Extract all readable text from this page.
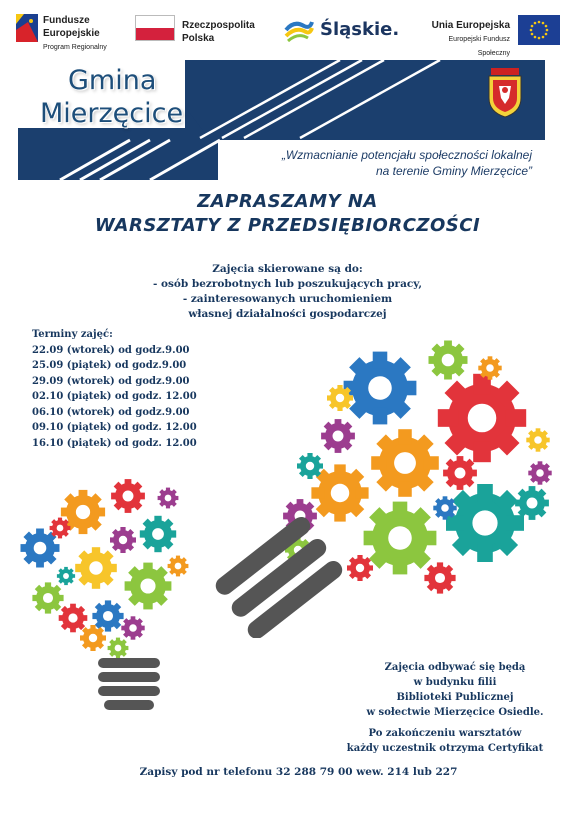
Fundusze
Europejskie
Program Regionalny
Rzeczpospolita
Polska	Śląskie.	Unia Europejska
Europejski Fundusz Społeczny
Gmina
Mierzęcice
„Wzmacnianie potencjału społeczności lokalnej
na terenie Gminy Mierzęcice”
ZAPRASZAMY NA
WARSZTATY Z PRZEDSIĘBIORCZOŚCI
Zajęcia skierowane są do:
- osób bezrobotnych lub poszukujących pracy,
- zainteresowanych uruchomieniem
własnej działalności gospodarczej
Terminy zajęć:
22.09 (wtorek) od godz.9.00
25.09 (piątek) od godz.9.00
29.09 (wtorek) od godz.9.00
02.10 (piątek) od godz. 12.00
06.10 (wtorek) od godz.9.00
09.10 (piątek) od godz. 12.00
16.10 (piątek) od godz. 12.00
Zajęcia odbywać się będą
w budynku filii
Biblioteki Publicznej
w sołectwie Mierzęcice Osiedle.
Po zakończeniu warsztatów
każdy uczestnik otrzyma Certyfikat
Zapisy pod nr telefonu 32 288 79 00 wew. 214 lub 227
